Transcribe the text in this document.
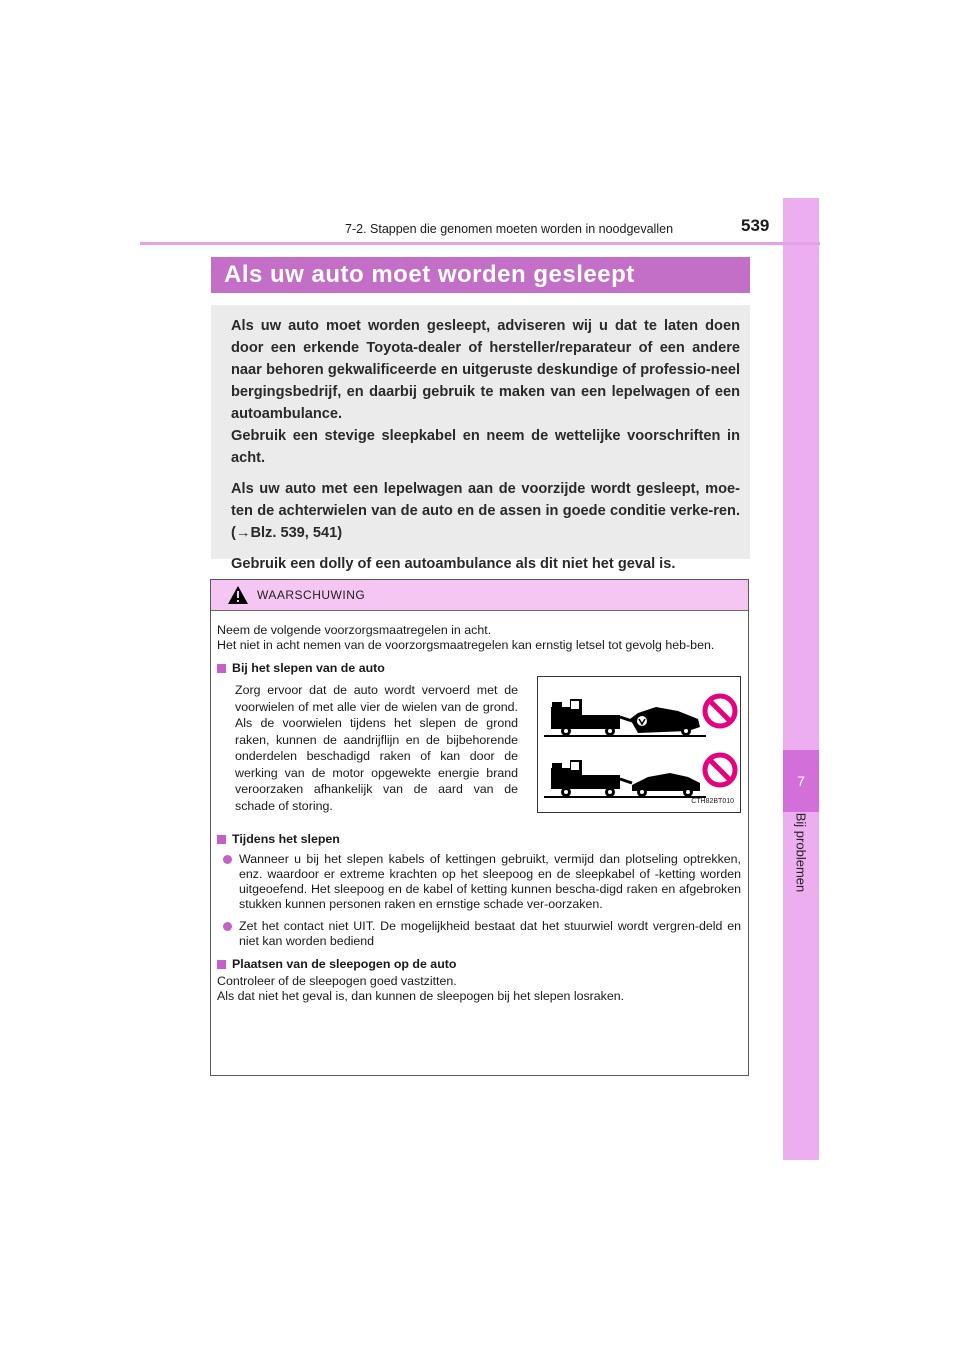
7
Bij problemen
7-2. Stappen die genomen moeten worden in noodgevallen	539
Als uw auto moet worden gesleept

Als uw auto moet worden gesleept, adviseren wij u dat te laten doen door een erkende Toyota-dealer of hersteller/reparateur of een andere naar behoren gekwalificeerde en uitgeruste deskundige of professio-neel bergingsbedrijf, en daarbij gebruik te maken van een lepelwagen of een autoambulance.
Gebruik een stevige sleepkabel en neem de wettelijke voorschriften in acht.

Als uw auto met een lepelwagen aan de voorzijde wordt gesleept, moe-ten de achterwielen van de auto en de assen in goede conditie verke-ren. (→Blz. 539, 541)

Gebruik een dolly of een autoambulance als dit niet het geval is.

WAARSCHUWING

Neem de volgende voorzorgsmaatregelen in acht.
Het niet in acht nemen van de voorzorgsmaatregelen kan ernstig letsel tot gevolg heb-ben.

Bij het slepen van de auto
Zorg ervoor dat de auto wordt vervoerd met de voorwielen of met alle vier de wielen van de grond. Als de voorwielen tijdens het slepen de grond raken, kunnen de aandrijflijn en de bijbehorende onderdelen beschadigd raken of kan door de werking van de motor opgewekte energie brand veroorzaken afhankelijk van de aard van de schade of storing.	CTH82BT010
Tijdens het slepen
Wanneer u bij het slepen kabels of kettingen gebruikt, vermijd dan plotseling optrekken, enz. waardoor er extreme krachten op het sleepoog en de sleepkabel of -ketting worden uitgeoefend. Het sleepoog en de kabel of ketting kunnen bescha-digd raken en afgebroken stukken kunnen personen raken en ernstige schade ver-oorzaken.
Zet het contact niet UIT. De mogelijkheid bestaat dat het stuurwiel wordt vergren-deld en niet kan worden bediend
Plaatsen van de sleepogen op de auto

Controleer of de sleepogen goed vastzitten.
Als dat niet het geval is, dan kunnen de sleepogen bij het slepen losraken.
